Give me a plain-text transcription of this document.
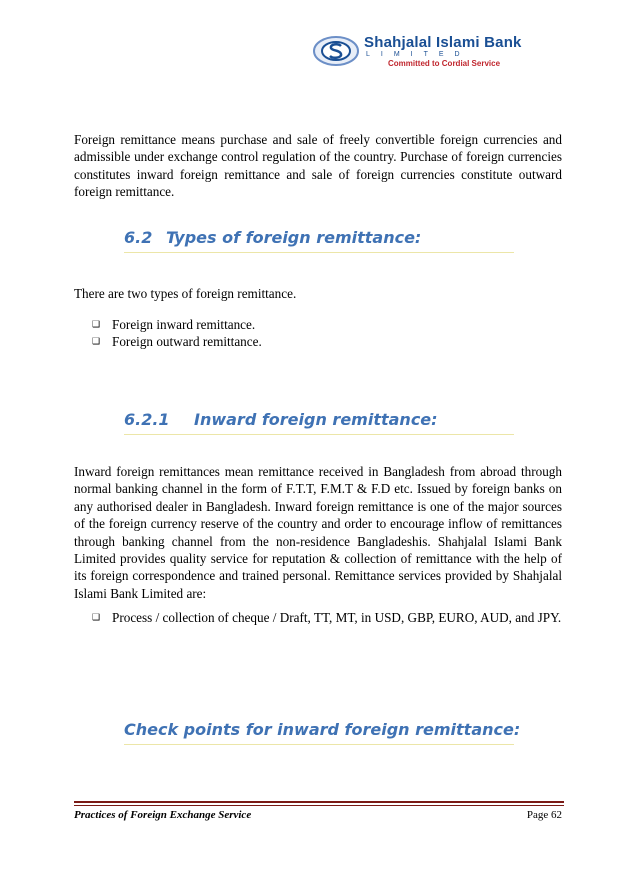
Shahjalal Islami Bank
LIMITED
Committed to Cordial Service
Foreign remittance means purchase and sale of freely convertible foreign currencies and admissible under exchange control regulation of the country. Purchase of foreign currencies constitutes inward foreign remittance and sale of foreign currencies constitute outward foreign remittance.
6.2 Types of foreign remittance:
There are two types of foreign remittance.
❑ Foreign inward remittance.
❑ Foreign outward remittance.
6.2.1 Inward foreign remittance:
Inward foreign remittances mean remittance received in Bangladesh from abroad through normal banking channel in the form of F.T.T, F.M.T & F.D etc. Issued by foreign banks on any authorised dealer in Bangladesh. Inward foreign remittance is one of the major sources of the foreign currency reserve of the country and order to encourage inflow of remittances through banking channel from the non-residence Bangladeshis. Shahjalal Islami Bank Limited provides quality service for reputation & collection of remittance with the help of its foreign correspondence and trained personal. Remittance services provided by Shahjalal Islami Bank Limited are:
❑ Process / collection of cheque / Draft, TT, MT, in USD, GBP, EURO, AUD, and JPY.
Check points for inward foreign remittance:
Practices of Foreign Exchange Service	Page 62
